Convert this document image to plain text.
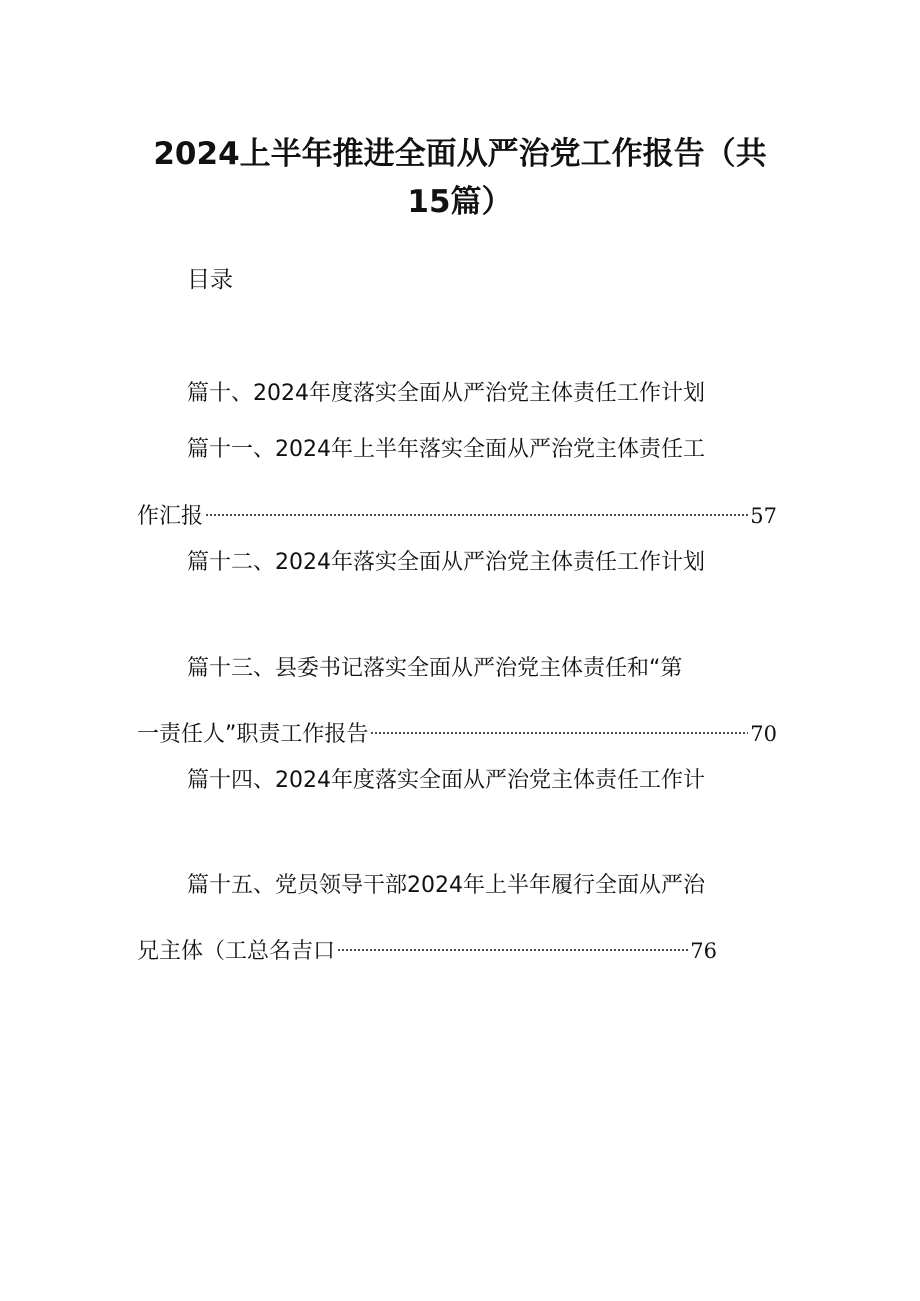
2024上半年推进全面从严治党工作报告（共
15篇）
目录
篇十、2024年度落实全面从严治党主体责任工作计划
篇十一、2024年上半年落实全面从严治党主体责任工
作汇报	57
篇十二、2024年落实全面从严治党主体责任工作计划
篇十三、县委书记落实全面从严治党主体责任和“第
一责任人”职责工作报告	70
篇十四、2024年度落实全面从严治党主体责任工作计
篇十五、党员领导干部2024年上半年履行全面从严治
兄主体（工总名吉口	76
